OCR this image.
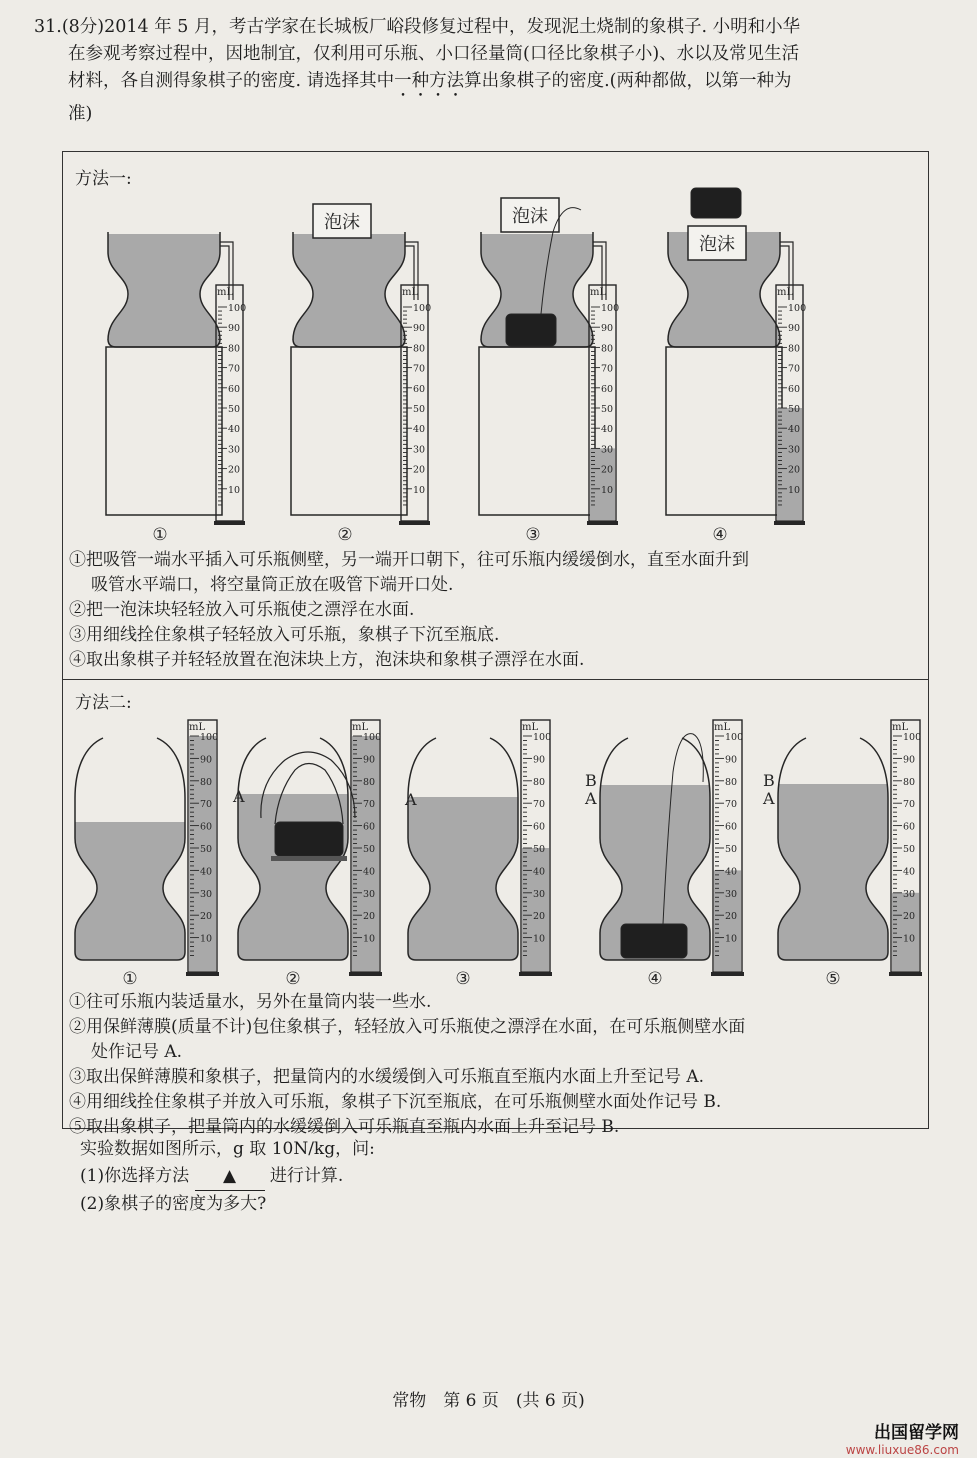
31.(8分)2014 年 5 月，考古学家在长城板厂峪段修复过程中，发现泥土烧制的象棋子. 小明和小华
在参观考察过程中，因地制宜，仅利用可乐瓶、小口径量筒(口径比象棋子小)、水以及常见生活
材料，各自测得象棋子的密度. 请选择其中一种方法算出象棋子的密度.(两种都做，以第一种为
准)
方法一:
mL
100
90
80
70
60
50
40
30
20
10
①
mL
100
90
80
70
60
50
40
30
20
10
②
mL
100
90
80
70
60
50
40
30
20
10
③
mL
100
90
80
70
60
50
40
30
20
10
④
泡沫	泡沫
泡沫
①把吸管一端水平插入可乐瓶侧壁，另一端开口朝下，往可乐瓶内缓缓倒水，直至水面升到
吸管水平端口，将空量筒正放在吸管下端开口处.
②把一泡沫块轻轻放入可乐瓶使之漂浮在水面.
③用细线拴住象棋子轻轻放入可乐瓶，象棋子下沉至瓶底.
④取出象棋子并轻轻放置在泡沫块上方，泡沫块和象棋子漂浮在水面.
方法二:
mL
100
90
80
70
60
50
40
30
20
10
①
mL
100
90
80
70
60
50
40
30
20
10
②
mL
100
90
80
70
60
50
40
30
20
10
③
mL
100
90
80
70
60
50
40
30
20
10
④
mL
100
90
80
70
60
50
40
30
20
10
⑤
A	A
B
A
B
A
①往可乐瓶内装适量水，另外在量筒内装一些水.
②用保鲜薄膜(质量不计)包住象棋子，轻轻放入可乐瓶使之漂浮在水面，在可乐瓶侧壁水面
处作记号 A.
③取出保鲜薄膜和象棋子，把量筒内的水缓缓倒入可乐瓶直至瓶内水面上升至记号 A.
④用细线拴住象棋子并放入可乐瓶，象棋子下沉至瓶底，在可乐瓶侧壁水面处作记号 B.
⑤取出象棋子，把量筒内的水缓缓倒入可乐瓶直至瓶内水面上升至记号 B.
实验数据如图所示，g 取 10N/kg，问:
(1)你选择方法 ▲ 进行计算.
(2)象棋子的密度为多大?
常物　第 6 页　(共 6 页)
出国留学网
www.liuxue86.com
